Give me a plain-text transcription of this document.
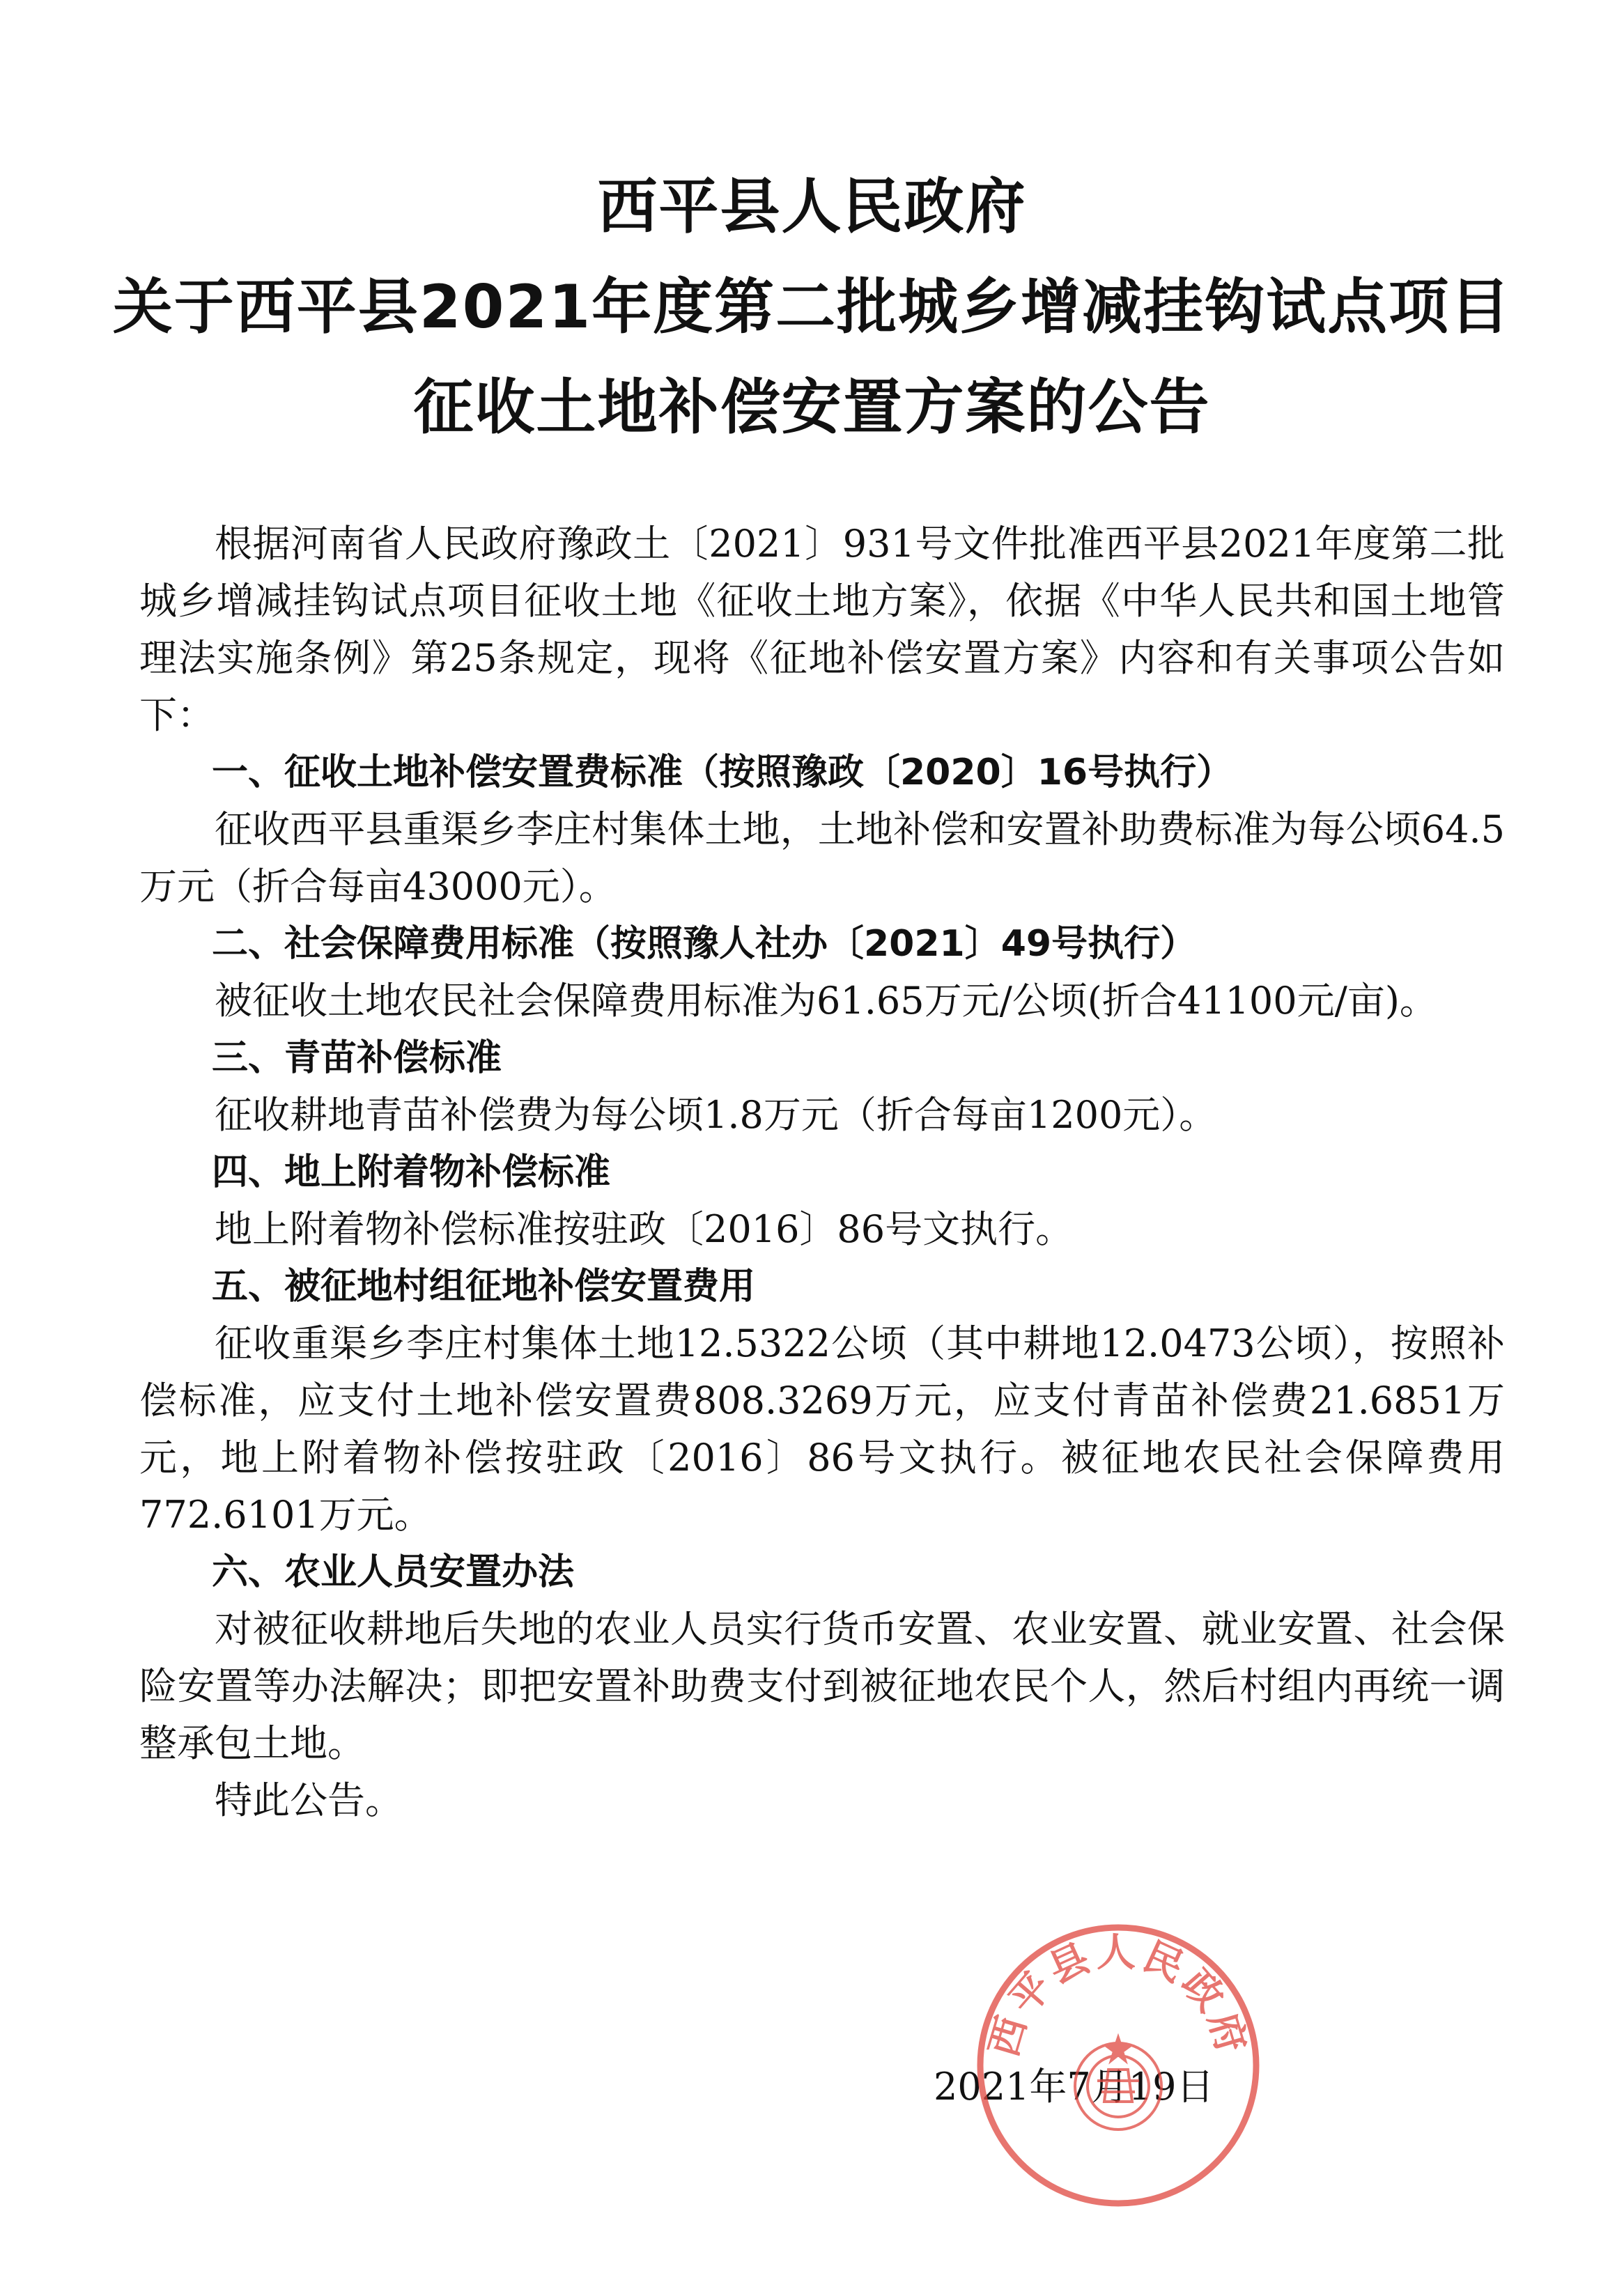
西平县人民政府
关于西平县2021年度第二批城乡增减挂钩试点项目
征收土地补偿安置方案的公告

根据河南省人民政府豫政土〔2021〕931号文件批准西平县2021年度第二批城乡增减挂钩试点项目征收土地《征收土地方案》，依据《中华人民共和国土地管理法实施条例》第25条规定，现将《征地补偿安置方案》内容和有关事项公告如下：

一、征收土地补偿安置费标准（按照豫政〔2020〕16号执行）

征收西平县重渠乡李庄村集体土地，土地补偿和安置补助费标准为每公顷64.5万元（折合每亩43000元）。

二、社会保障费用标准（按照豫人社办〔2021〕49号执行）

被征收土地农民社会保障费用标准为61.65万元/公顷(折合41100元/亩)。

三、青苗补偿标准

征收耕地青苗补偿费为每公顷1.8万元（折合每亩1200元）。

四、地上附着物补偿标准

地上附着物补偿标准按驻政〔2016〕86号文执行。

五、被征地村组征地补偿安置费用

征收重渠乡李庄村集体土地12.5322公顷（其中耕地12.0473公顷），按照补偿标准，应支付土地补偿安置费808.3269万元，应支付青苗补偿费21.6851万元，地上附着物补偿按驻政〔2016〕86号文执行。被征地农民社会保障费用772.6101万元。

六、农业人员安置办法

对被征收耕地后失地的农业人员实行货币安置、农业安置、就业安置、社会保险安置等办法解决；即把安置补助费支付到被征地农民个人，然后村组内再统一调整承包土地。

特此公告。

2021年7月19日
西平县人民政府
